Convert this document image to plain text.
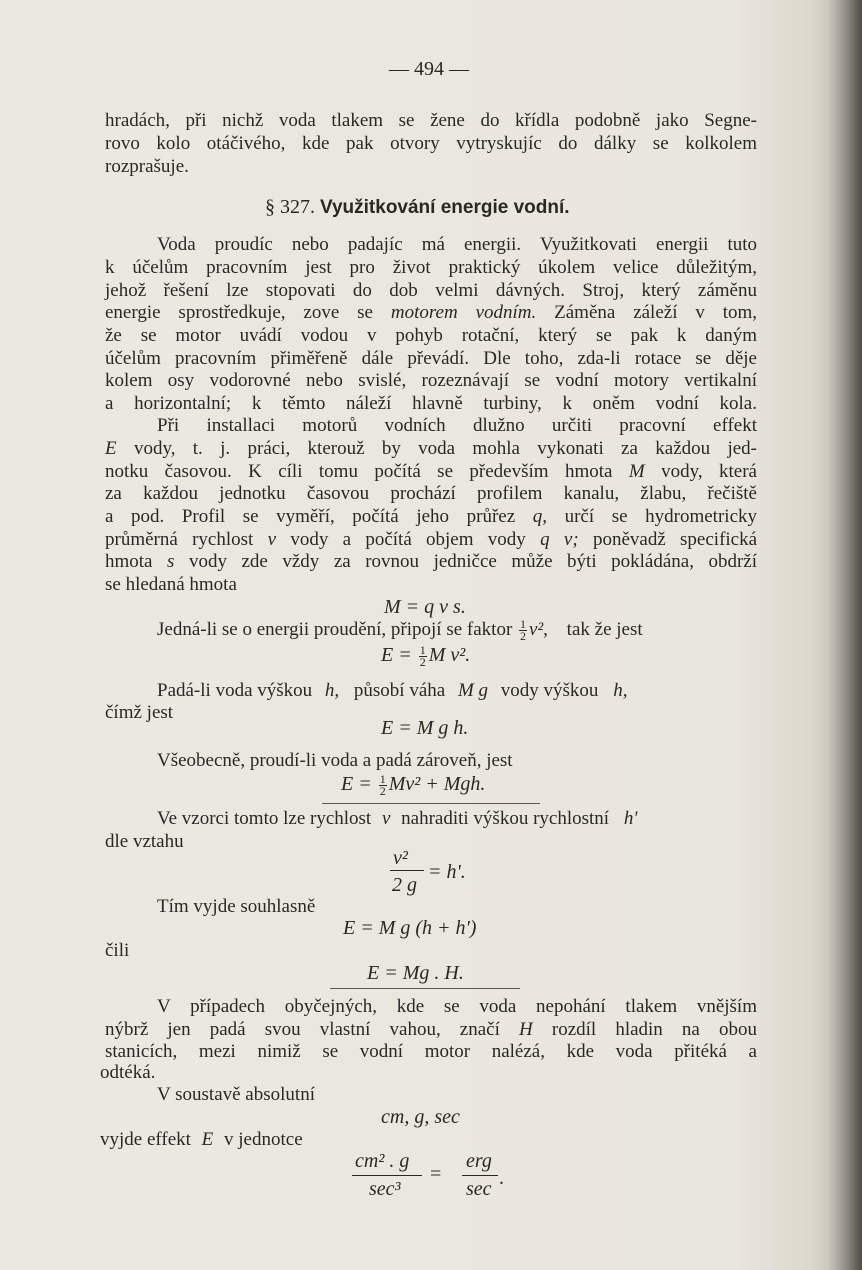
— 494 —
hradách, při nichž voda tlakem se žene do křídla podobně jako Segne-
rovo kolo otáčivého, kde pak otvory vytryskujíc do dálky se kolkolem
rozprašuje.
§ 327. Využitkování energie vodní.
Voda proudíc nebo padajíc má energii. Využitkovati energii tuto
k účelům pracovním jest pro život praktický úkolem velice důležitým,
jehož řešení lze stopovati do dob velmi dávných. Stroj, který záměnu
energie sprostředkuje, zove se motorem vodním. Záměna záleží v tom,
že se motor uvádí vodou v pohyb rotační, který se pak k daným
účelům pracovním přiměřeně dále převádí. Dle toho, zda-li rotace se děje
kolem osy vodorovné nebo svislé, rozeznávají se vodní motory vertikalní
a horizontalní; k těmto náleží hlavně turbiny, k oněm vodní kola.
Při installaci motorů vodních dlužno určiti pracovní effekt
E vody, t. j. práci, kterouž by voda mohla vykonati za každou jed-
notku časovou. K cíli tomu počítá se především hmota M vody, která
za každou jednotku časovou prochází profilem kanalu, žlabu, řečiště
a pod. Profil se vyměří, počítá jeho průřez q, určí se hydrometricky
průměrná rychlost v vody a počítá objem vody q v; poněvadž specifická
hmota s vody zde vždy za rovnou jedničce může býti pokládána, obdrží
se hledaná hmota
M = q v s.
Jedná-li se o energii proudění, připojí se faktor $\frac{1}{2} v^2$, tak že jest
$E = \frac{1}{2}$ M v².
Padá-li voda výškou h, působí váha M g vody výškou h,
čímž jest
E = M g h.
Všeobecně, proudí-li voda a padá zároveň, jest
$E = \frac{1}{2} Mv^2$ + Mgh.
Ve vzorci tomto lze rychlost v nahraditi výškou rychlostní h'
dle vztahu
v²
2 g
= h'.
Tím vyjde souhlasně
E = M g (h + h')
čili
E = Mg . H.
V případech obyčejných, kde se voda nepohání tlakem vnějším
nýbrž jen padá svou vlastní vahou, značí H rozdíl hladin na obou
stanicích, mezi nimiž se vodní motor nalézá, kde voda přitéká a
odtéká.
V soustavě absolutní
cm, g, sec
vyjde effekt E v jednotce
cm² . g
sec³
=
erg
sec .
